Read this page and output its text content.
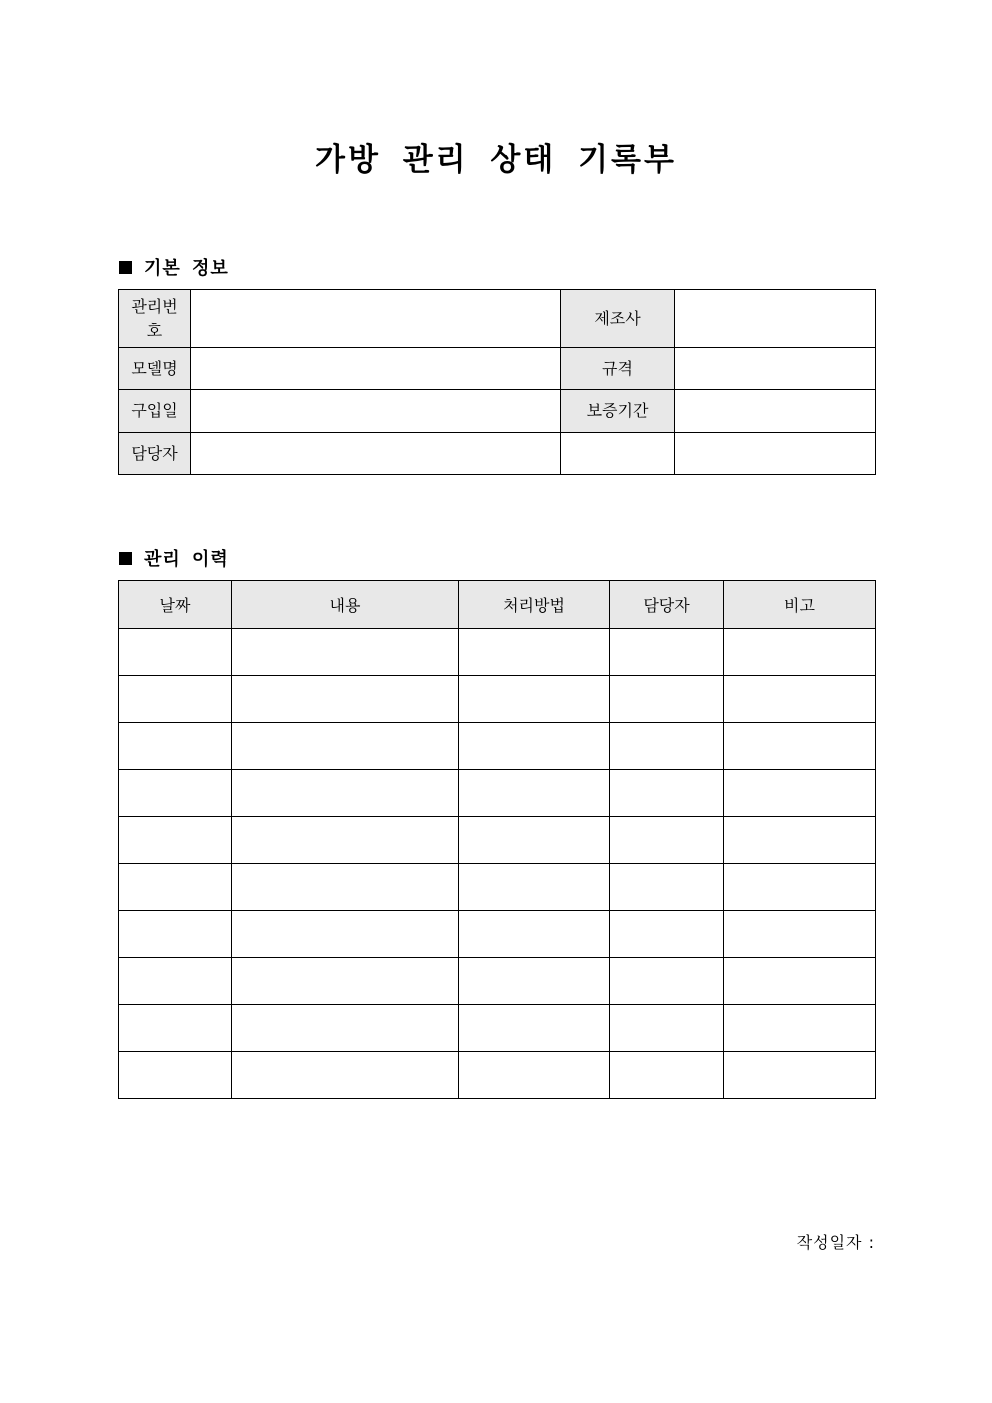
가방 관리 상태 기록부
기본 정보
관리번호		제조사	
모델명		규격	
구입일		보증기간	
담당자			
관리 이력
날짜	내용	처리방법	담당자	비고

작성일자 :
